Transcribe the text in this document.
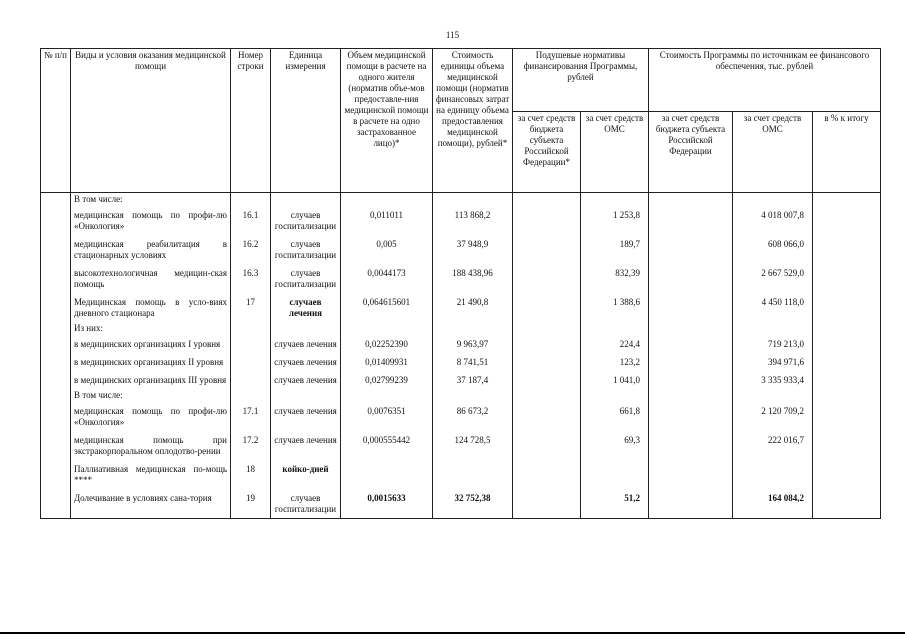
115
№ п/п	Виды и условия оказания медицинской помощи	Номер строки	Единица измерения	Объем медицинской помощи в расчете на одного жителя (норматив объе-мов предоставле-ния медицинской помощи в расчете на одно застрахованное лицо)*	Стоимость единицы объема медицинской помощи (норматив финансовых затрат на единицу объема предоставления медицинской помощи), рублей*	Подушевые нормативы финансирования Программы, рублей		Стоимость Программы по источникам ее финансового обеспечения, тыс. рублей		
						за счет средств бюджета субъекта Российской Федерации*	за счет средств ОМС	за счет средств бюджета субъекта Российской Федерации	за счет средств ОМС	в % к итогу
	В том числе:									
	медицинская помощь по профи-лю «Онкология»	16.1	случаев госпитализации	0,011011	113 868,2		1 253,8		4 018 007,8	
	медицинская реабилитация в стационарных условиях	16.2	случаев госпитализации	0,005	37 948,9		189,7		608 066,0	
	высокотехнологичная медицин-ская помощь	16.3	случаев госпитализации	0,0044173	188 438,96		832,39		2 667 529,0	
	Медицинская помощь в усло-виях дневного стационара	17	случаев лечения	0,064615601	21 490,8		1 388,6		4 450 118,0	
	Из них:									
	в медицинских организациях I уровня		случаев лечения	0,02252390	9 963,97		224,4		719 213,0	
	в медицинских организациях II уровня		случаев лечения	0,01409931	8 741,51		123,2		394 971,6	
	в медицинских организациях III уровня		случаев лечения	0,02799239	37 187,4		1 041,0		3 335 933,4	
	В том числе:									
	медицинская помощь по профи-лю «Онкология»	17.1	случаев лечения	0,0076351	86 673,2		661,8		2 120 709,2	
	медицинская помощь при экстракорпоральном оплодотво-рении	17.2	случаев лечения	0,000555442	124 728,5		69,3		222 016,7	
	Паллиативная медицинская по-мощь ****	18	койко-дней							
	Долечивание в условиях сана-тория	19	случаев госпитализации	0,0015633	32 752,38		51,2		164 084,2	
